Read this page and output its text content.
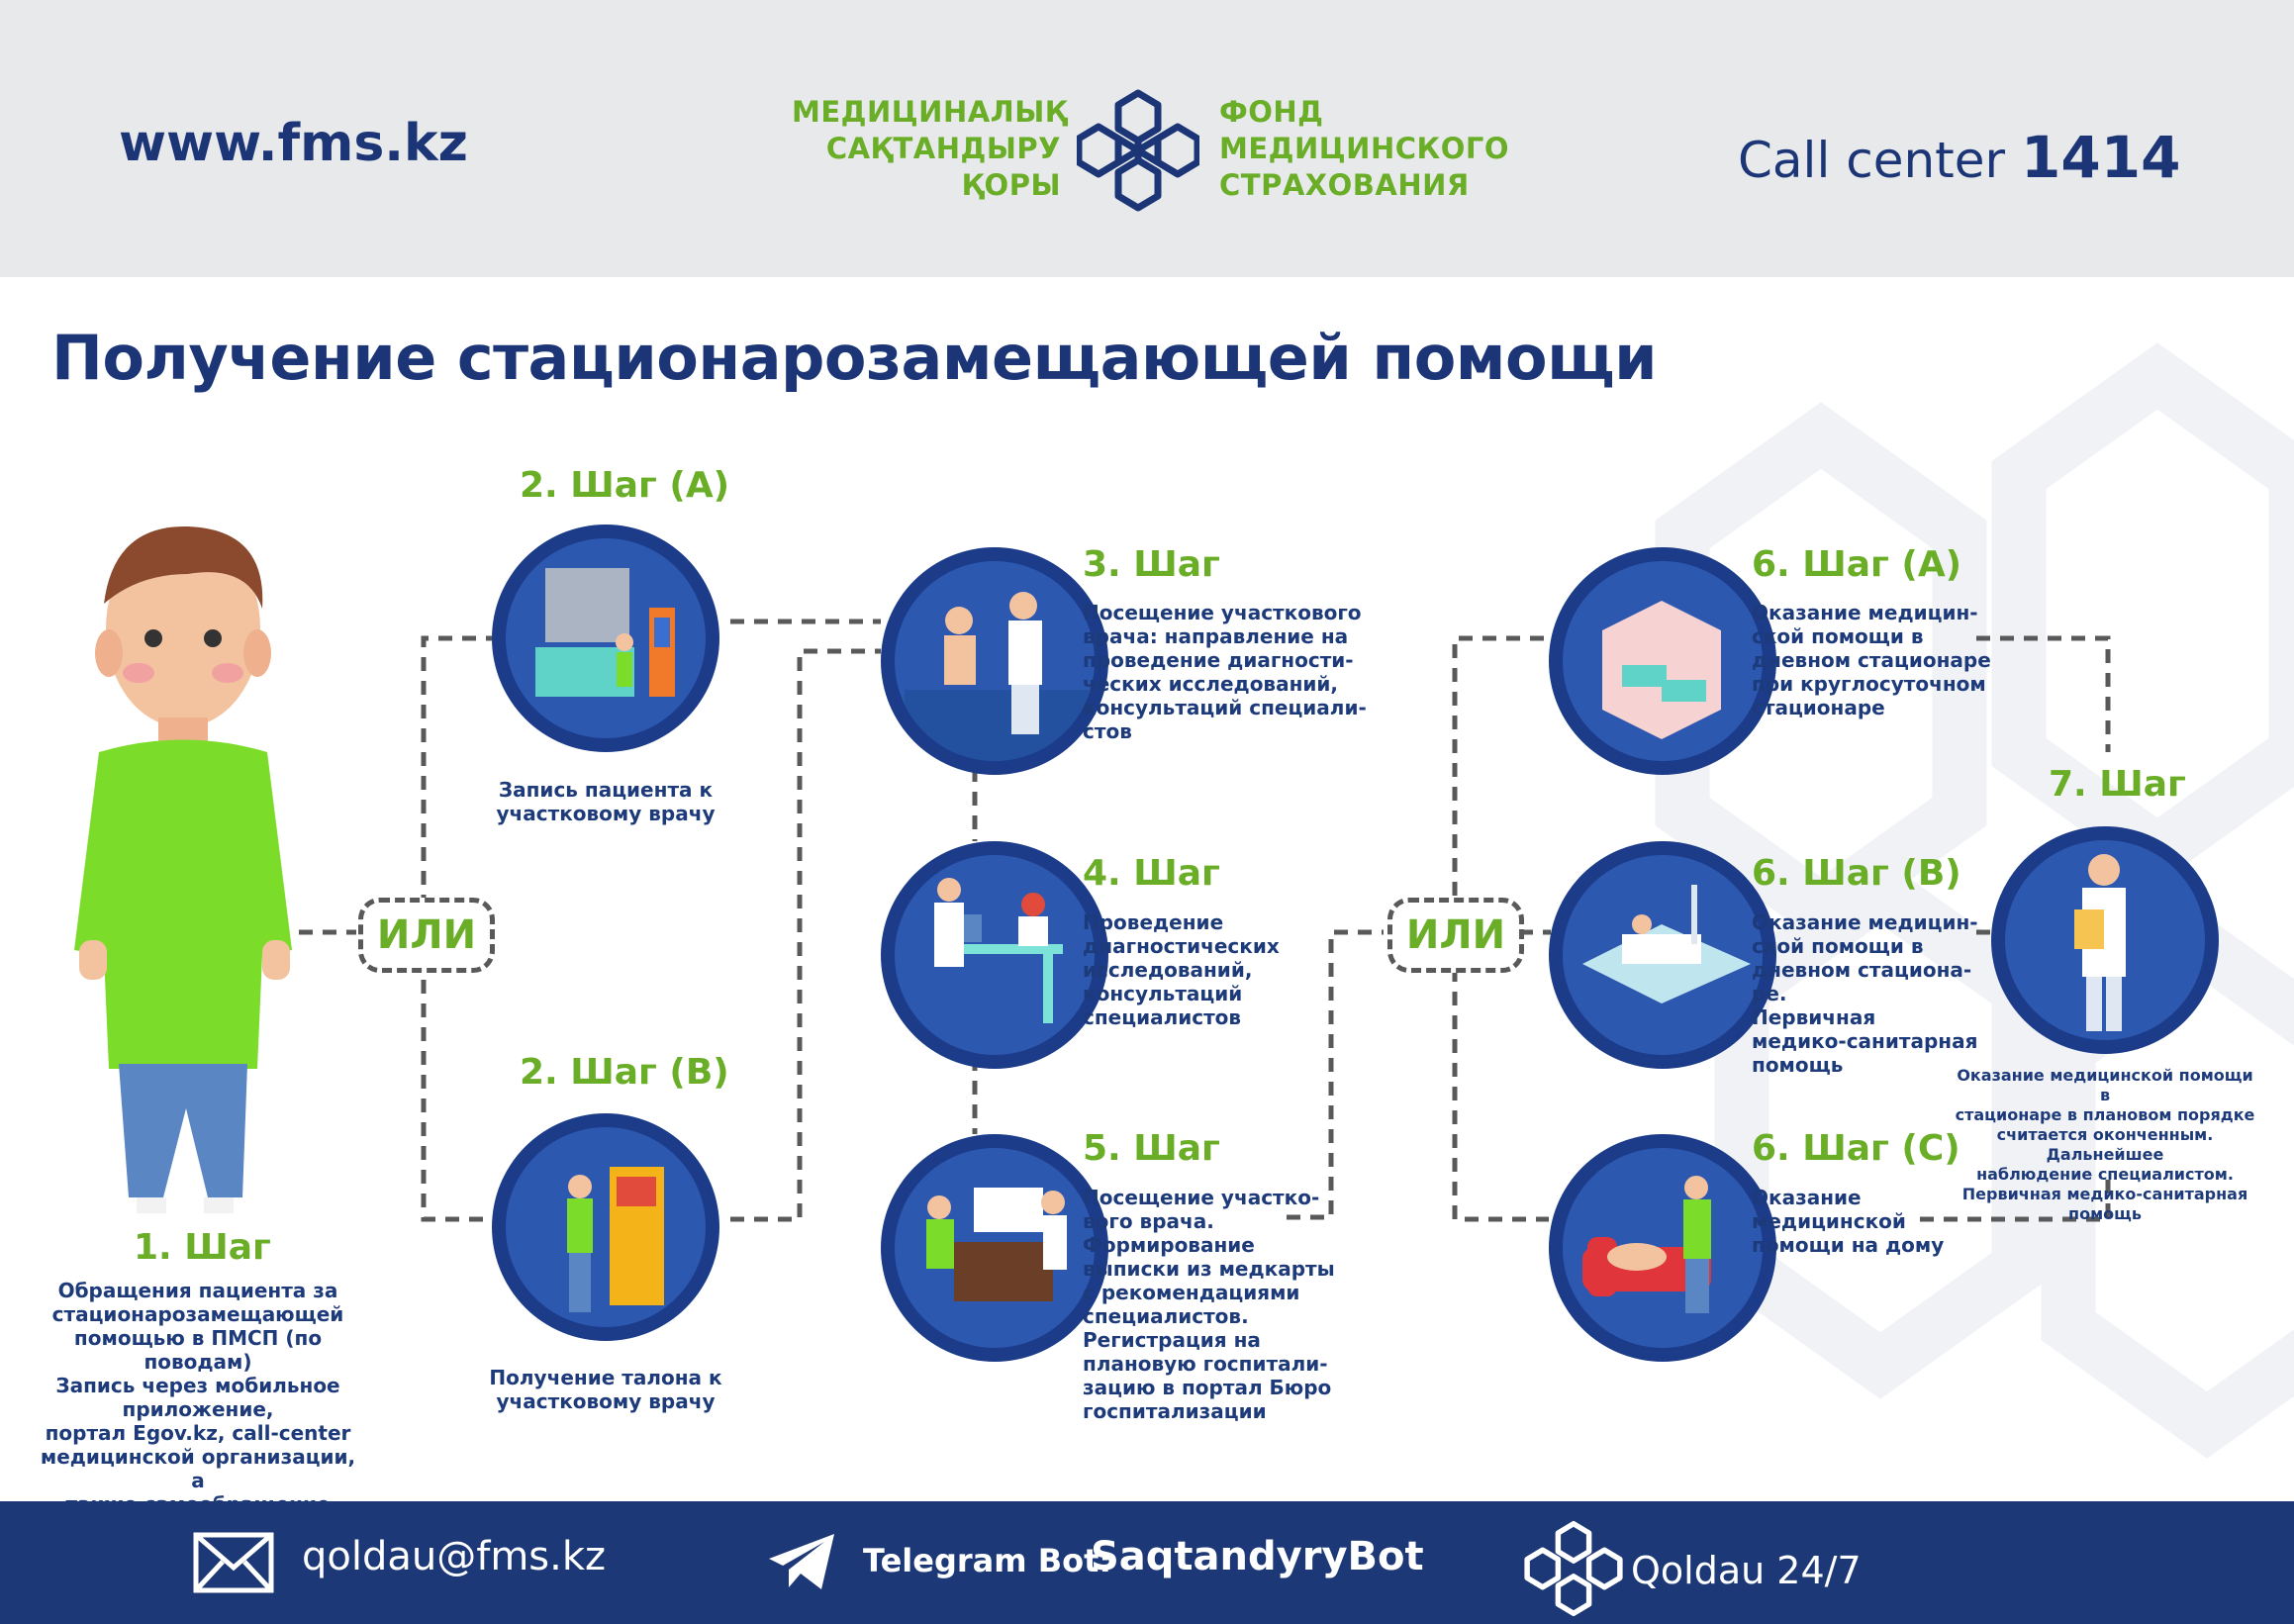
www.fms.kz
МЕДИЦИНАЛЫҚ
САҚТАНДЫРУ
ҚОРЫ
ФОНД
МЕДИЦИНСКОГО
СТРАХОВАНИЯ	Call center 1414
Получение стационарозамещающей помощи
ИЛИ	ИЛИ
1. Шаг
Обращения пациента за
стационарозамещающей
помощью в ПМСП (по поводам)
Запись через мобильное
приложение,
портал Egov.kz, call-center
медицинской организации, а
2. Шаг (А)
Запись пациента к
участковому врачу
2. Шаг (В)
Получение талона к
участковому врачу
3. Шаг
Посещение участкового
врача: направление на
проведение диагности-
ческих исследований,
консультаций специали-
стов
4. Шаг
Проведение
диагностических
исследований,
консультаций
специалистов
5. Шаг
Посещение участко-
вого врача.
Формирование
выписки из медкарты
с рекомендациями
специалистов.
Регистрация на
плановую госпитали-
зацию в портал Бюро
госпитализации
6. Шаг (А)
Оказание медицин-
ской помощи в
дневном стационаре
при круглосуточном
стационаре
6. Шаг (В)
Оказание медицин-
ской помощи в
дневном стациона-
ре.
Первичная
медико-санитарная
помощь
6. Шаг (С)
Оказание
медицинской
помощи на дому
7. Шаг
Оказание медицинской помощи в
стационаре в плановом порядке
считается оконченным. Дальнейшее
наблюдение специалистом.
Первичная медико-санитарная
помощь
qoldau@fms.kz	Telegram Bot:
SaqtandyryBot	Qoldau 24/7
